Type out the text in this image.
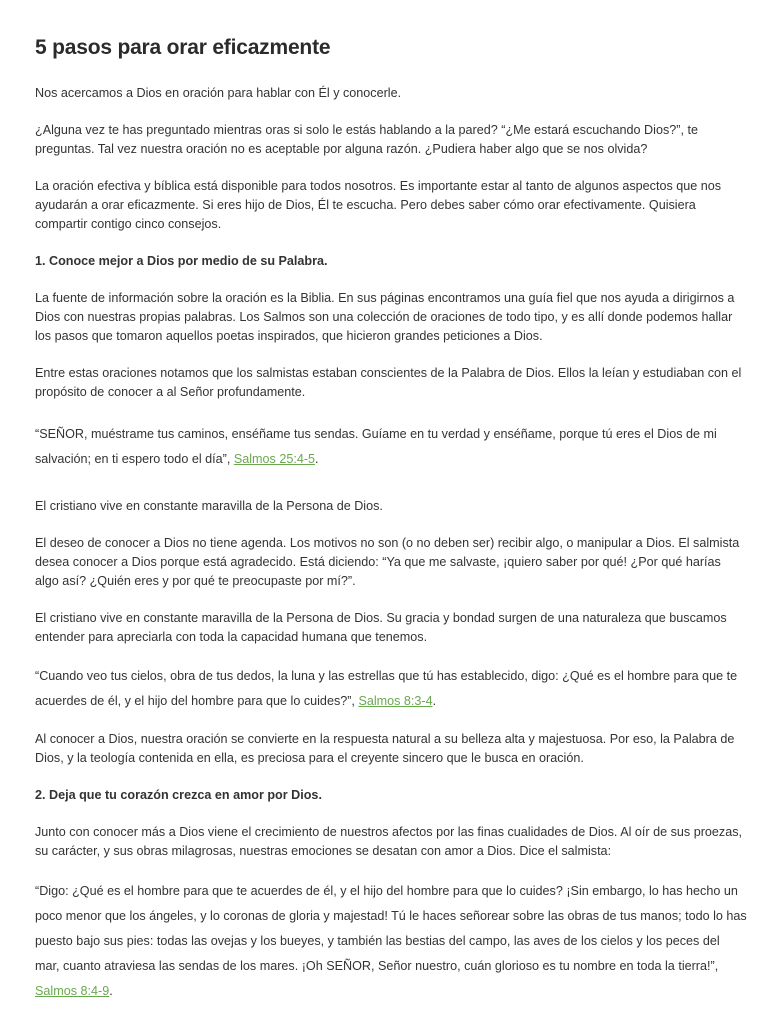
5 pasos para orar eficazmente

Nos acercamos a Dios en oración para hablar con Él y conocerle.

¿Alguna vez te has preguntado mientras oras si solo le estás hablando a la pared? “¿Me estará escuchando Dios?”, te preguntas. Tal vez nuestra oración no es aceptable por alguna razón. ¿Pudiera haber algo que se nos olvida?

La oración efectiva y bíblica está disponible para todos nosotros. Es importante estar al tanto de algunos aspectos que nos ayudarán a orar eficazmente. Si eres hijo de Dios, Él te escucha. Pero debes saber cómo orar efectivamente. Quisiera compartir contigo cinco consejos.

1. Conoce mejor a Dios por medio de su Palabra.

La fuente de información sobre la oración es la Biblia. En sus páginas encontramos una guía fiel que nos ayuda a dirigirnos a Dios con nuestras propias palabras. Los Salmos son una colección de oraciones de todo tipo, y es allí donde podemos hallar los pasos que tomaron aquellos poetas inspirados, que hicieron grandes peticiones a Dios.

Entre estas oraciones notamos que los salmistas estaban conscientes de la Palabra de Dios. Ellos la leían y estudiaban con el propósito de conocer a al Señor profundamente.

“SEÑOR, muéstrame tus caminos, enséñame tus sendas. Guíame en tu verdad y enséñame, porque tú eres el Dios de mi salvación; en ti espero todo el día”, Salmos 25:4-5.

El cristiano vive en constante maravilla de la Persona de Dios.

El deseo de conocer a Dios no tiene agenda. Los motivos no son (o no deben ser) recibir algo, o manipular a Dios. El salmista desea conocer a Dios porque está agradecido. Está diciendo: “Ya que me salvaste, ¡quiero saber por qué! ¿Por qué harías algo así? ¿Quién eres y por qué te preocupaste por mí?”.

El cristiano vive en constante maravilla de la Persona de Dios. Su gracia y bondad surgen de una naturaleza que buscamos entender para apreciarla con toda la capacidad humana que tenemos.

“Cuando veo tus cielos, obra de tus dedos, la luna y las estrellas que tú has establecido, digo: ¿Qué es el hombre para que te acuerdes de él, y el hijo del hombre para que lo cuides?”, Salmos 8:3-4.

Al conocer a Dios, nuestra oración se convierte en la respuesta natural a su belleza alta y majestuosa. Por eso, la Palabra de Dios, y la teología contenida en ella, es preciosa para el creyente sincero que le busca en oración.

2. Deja que tu corazón crezca en amor por Dios.

Junto con conocer más a Dios viene el crecimiento de nuestros afectos por las finas cualidades de Dios. Al oír de sus proezas, su carácter, y sus obras milagrosas, nuestras emociones se desatan con amor a Dios. Dice el salmista:

“Digo: ¿Qué es el hombre para que te acuerdes de él, y el hijo del hombre para que lo cuides? ¡Sin embargo, lo has hecho un poco menor que los ángeles, y lo coronas de gloria y majestad! Tú le haces señorear sobre las obras de tus manos; todo lo has puesto bajo sus pies: todas las ovejas y los bueyes, y también las bestias del campo, las aves de los cielos y los peces del mar, cuanto atraviesa las sendas de los mares. ¡Oh SEÑOR, Señor nuestro, cuán glorioso es tu nombre en toda la tierra!”, Salmos 8:4-9.
